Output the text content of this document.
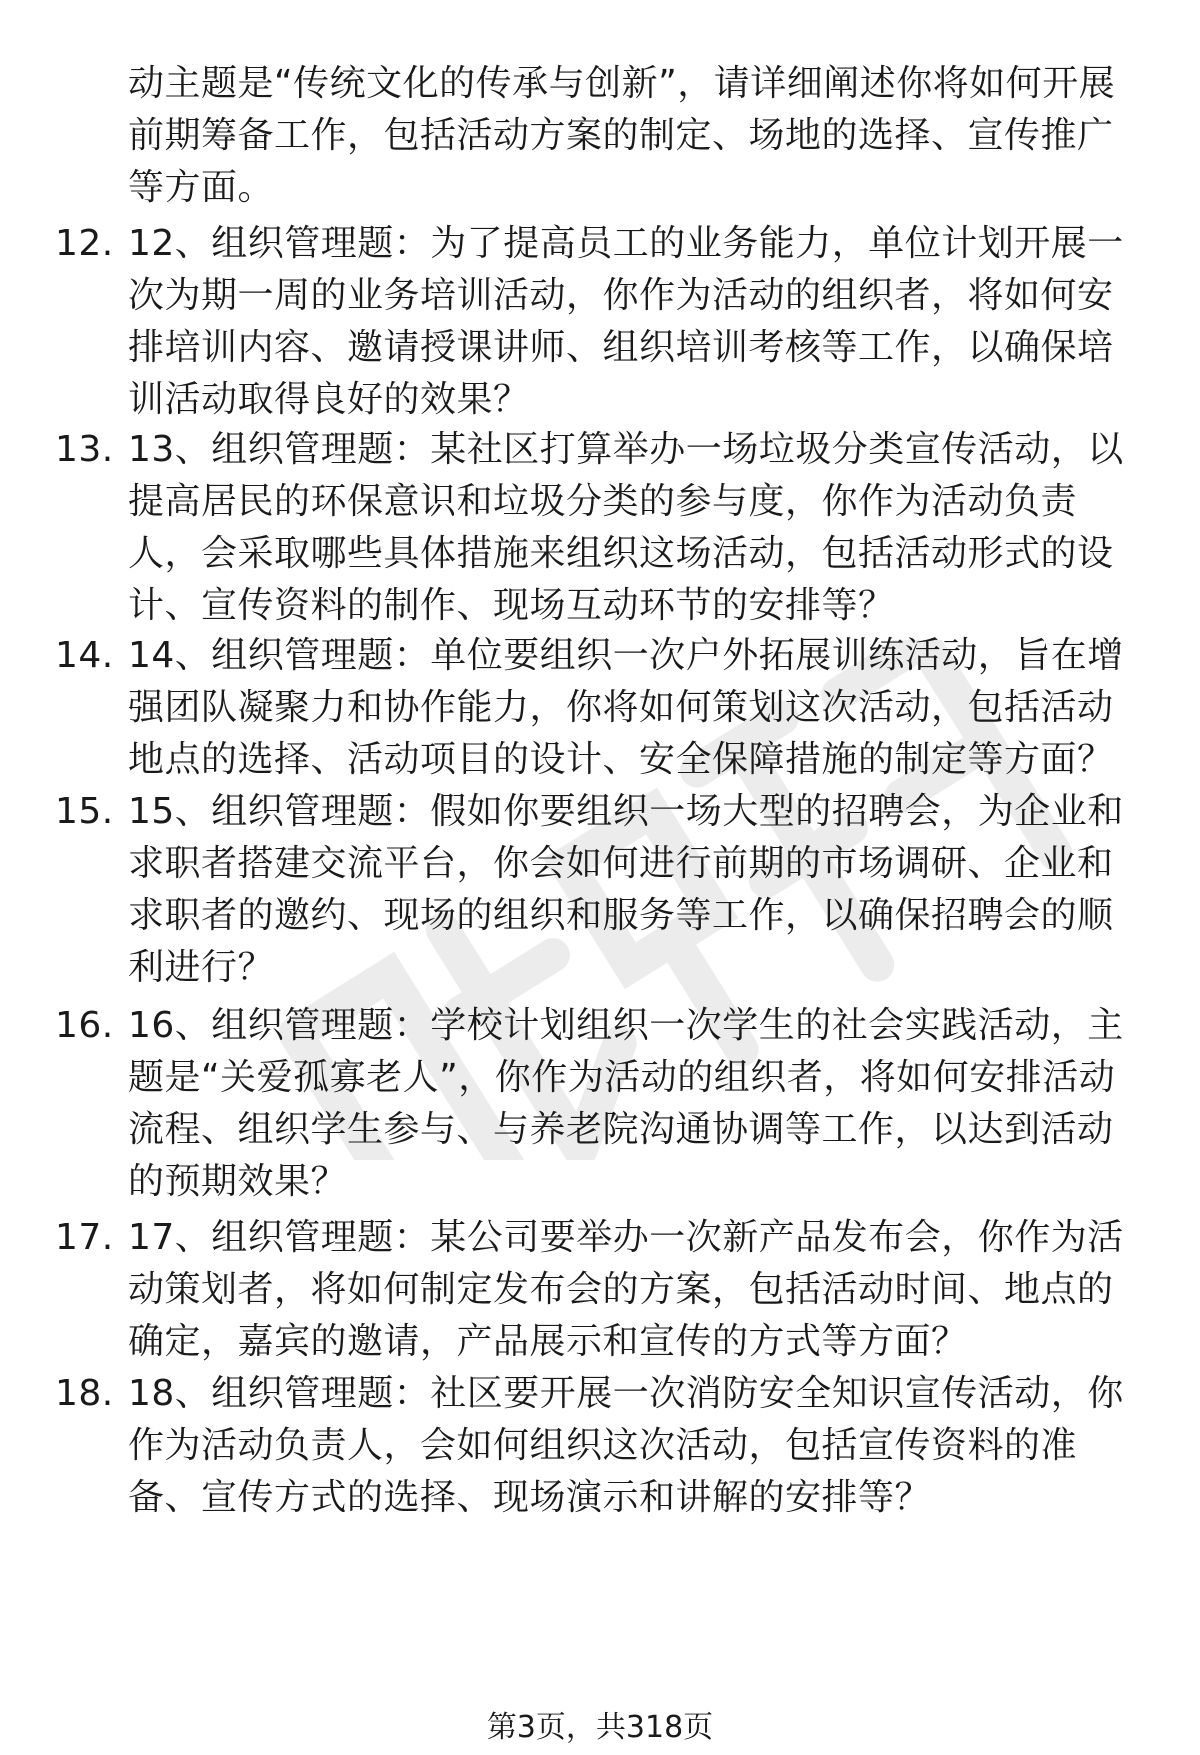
动主题是“传统文化的传承与创新”，请详细阐述你将如何开展前期筹备工作，包括活动方案的制定、场地的选择、宣传推广等方面。
12. 12、组织管理题：为了提高员工的业务能力，单位计划开展一次为期一周的业务培训活动，你作为活动的组织者，将如何安排培训内容、邀请授课讲师、组织培训考核等工作，以确保培训活动取得良好的效果？
13. 13、组织管理题：某社区打算举办一场垃圾分类宣传活动，以提高居民的环保意识和垃圾分类的参与度，你作为活动负责人，会采取哪些具体措施来组织这场活动，包括活动形式的设计、宣传资料的制作、现场互动环节的安排等？
14. 14、组织管理题：单位要组织一次户外拓展训练活动，旨在增强团队凝聚力和协作能力，你将如何策划这次活动，包括活动地点的选择、活动项目的设计、安全保障措施的制定等方面？
15. 15、组织管理题：假如你要组织一场大型的招聘会，为企业和求职者搭建交流平台，你会如何进行前期的市场调研、企业和求职者的邀约、现场的组织和服务等工作，以确保招聘会的顺利进行？
16. 16、组织管理题：学校计划组织一次学生的社会实践活动，主题是“关爱孤寡老人”，你作为活动的组织者，将如何安排活动流程、组织学生参与、与养老院沟通协调等工作，以达到活动的预期效果？
17. 17、组织管理题：某公司要举办一次新产品发布会，你作为活动策划者，将如何制定发布会的方案，包括活动时间、地点的确定，嘉宾的邀请，产品展示和宣传的方式等方面？
18. 18、组织管理题：社区要开展一次消防安全知识宣传活动，你作为活动负责人，会如何组织这次活动，包括宣传资料的准备、宣传方式的选择、现场演示和讲解的安排等？
第3页，共318页
